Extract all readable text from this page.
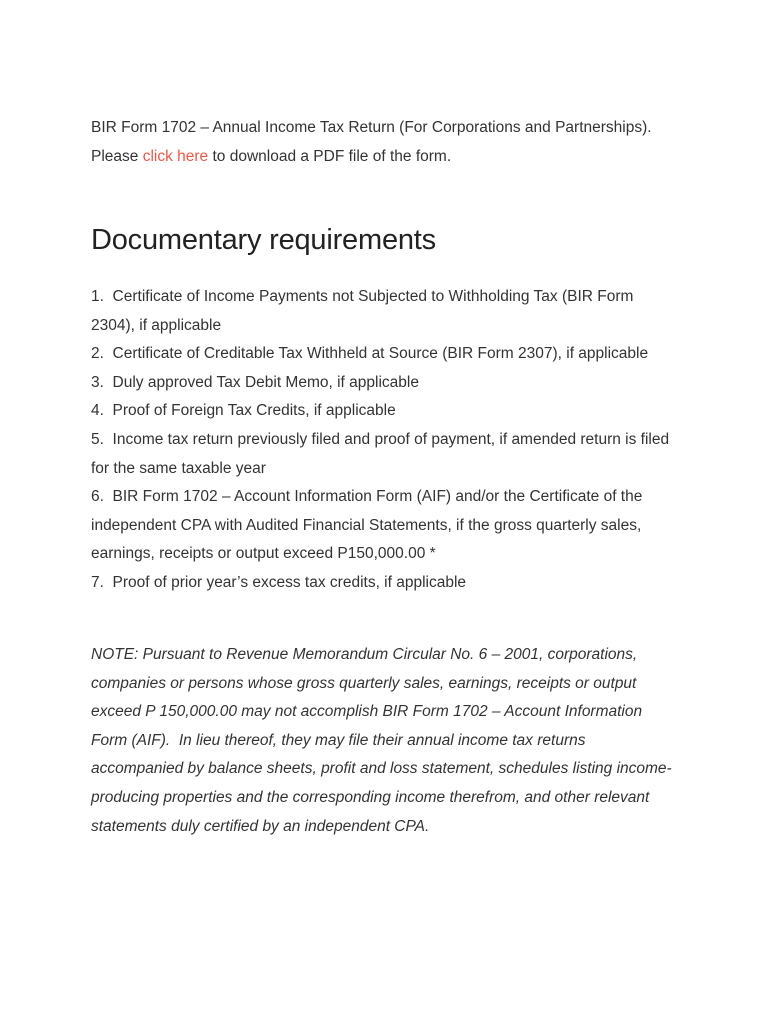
BIR Form 1702 – Annual Income Tax Return (For Corporations and Partnerships). Please click here to download a PDF file of the form.

Documentary requirements
1.  Certificate of Income Payments not Subjected to Withholding Tax (BIR Form 2304), if applicable
2.  Certificate of Creditable Tax Withheld at Source (BIR Form 2307), if applicable
3.  Duly approved Tax Debit Memo, if applicable
4.  Proof of Foreign Tax Credits, if applicable
5.  Income tax return previously filed and proof of payment, if amended return is filed for the same taxable year
6.  BIR Form 1702 – Account Information Form (AIF) and/or the Certificate of the independent CPA with Audited Financial Statements, if the gross quarterly sales, earnings, receipts or output exceed P150,000.00 *
7.  Proof of prior year’s excess tax credits, if applicable

NOTE: Pursuant to Revenue Memorandum Circular No. 6 – 2001, corporations, companies or persons whose gross quarterly sales, earnings, receipts or output exceed P 150,000.00 may not accomplish BIR Form 1702 – Account Information Form (AIF).  In lieu thereof, they may file their annual income tax returns accompanied by balance sheets, profit and loss statement, schedules listing income-producing properties and the corresponding income therefrom, and other relevant statements duly certified by an independent CPA.
